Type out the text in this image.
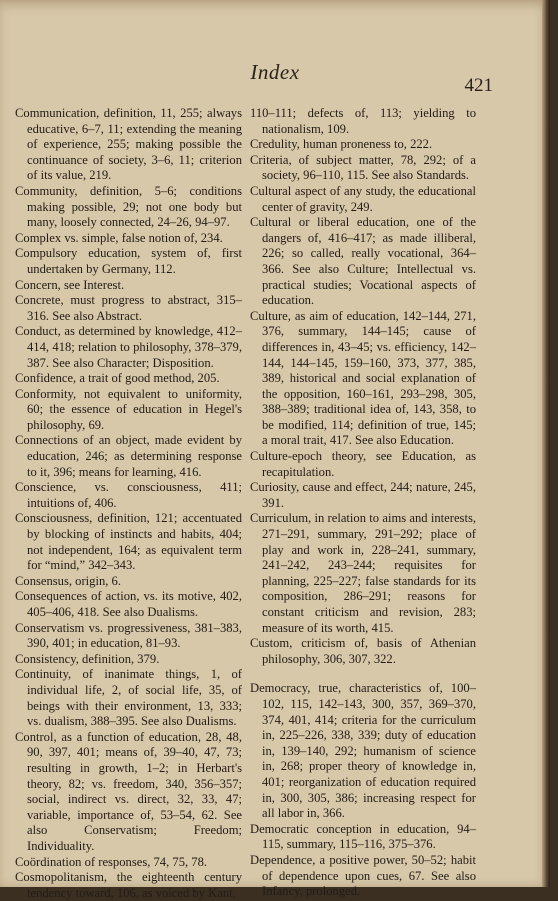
Index
421
Communication, definition, 11, 255; always educative, 6–7, 11; extending the meaning of experience, 255; making possible the continuance of society, 3–6, 11; criterion of its value, 219.
Community, definition, 5–6; conditions making possible, 29; not one body but many, loosely connected, 24–26, 94–97.
Complex vs. simple, false notion of, 234.
Compulsory education, system of, first undertaken by Germany, 112.
Concern, see Interest.
Concrete, must progress to abstract, 315–316. See also Abstract.
Conduct, as determined by knowledge, 412–414, 418; relation to philosophy, 378–379, 387. See also Character; Disposition.
Confidence, a trait of good method, 205.
Conformity, not equivalent to uniformity, 60; the essence of education in Hegel's philosophy, 69.
Connections of an object, made evident by education, 246; as determining response to it, 396; means for learning, 416.
Conscience, vs. consciousness, 411; intuitions of, 406.
Consciousness, definition, 121; accentuated by blocking of instincts and habits, 404; not independent, 164; as equivalent term for “mind,” 342–343.
Consensus, origin, 6.
Consequences of action, vs. its motive, 402, 405–406, 418. See also Dualisms.
Conservatism vs. progressiveness, 381–383, 390, 401; in education, 81–93.
Consistency, definition, 379.
Continuity, of inanimate things, 1, of individual life, 2, of social life, 35, of beings with their environment, 13, 333; vs. dualism, 388–395. See also Dualisms.
Control, as a function of education, 28, 48, 90, 397, 401; means of, 39–40, 47, 73; resulting in growth, 1–2; in Herbart's theory, 82; vs. freedom, 340, 356–357; social, indirect vs. direct, 32, 33, 47; variable, importance of, 53–54, 62. See also Conservatism; Freedom; Individuality.
Coördination of responses, 74, 75, 78.
Cosmopolitanism, the eighteenth century tendency toward, 106, as voiced by Kant,
110–111; defects of, 113; yielding to nationalism, 109.
Credulity, human proneness to, 222.
Criteria, of subject matter, 78, 292; of a society, 96–110, 115. See also Standards.
Cultural aspect of any study, the educational center of gravity, 249.
Cultural or liberal education, one of the dangers of, 416–417; as made illiberal, 226; so called, really vocational, 364–366. See also Culture; Intellectual vs. practical studies; Vocational aspects of education.
Culture, as aim of education, 142–144, 271, 376, summary, 144–145; cause of differences in, 43–45; vs. efficiency, 142–144, 144–145, 159–160, 373, 377, 385, 389, historical and social explanation of the opposition, 160–161, 293–298, 305, 388–389; traditional idea of, 143, 358, to be modified, 114; definition of true, 145; a moral trait, 417. See also Education.
Culture-epoch theory, see Education, as recapitulation.
Curiosity, cause and effect, 244; nature, 245, 391.
Curriculum, in relation to aims and interests, 271–291, summary, 291–292; place of play and work in, 228–241, summary, 241–242, 243–244; requisites for planning, 225–227; false standards for its composition, 286–291; reasons for constant criticism and revision, 283; measure of its worth, 415.
Custom, criticism of, basis of Athenian philosophy, 306, 307, 322.
Democracy, true, characteristics of, 100–102, 115, 142–143, 300, 357, 369–370, 374, 401, 414; criteria for the curriculum in, 225–226, 338, 339; duty of education in, 139–140, 292; humanism of science in, 268; proper theory of knowledge in, 401; reorganization of education required in, 300, 305, 386; increasing respect for all labor in, 366.
Democratic conception in education, 94–115, summary, 115–116, 375–376.
Dependence, a positive power, 50–52; habit of dependence upon cues, 67. See also Infancy, prolonged.
